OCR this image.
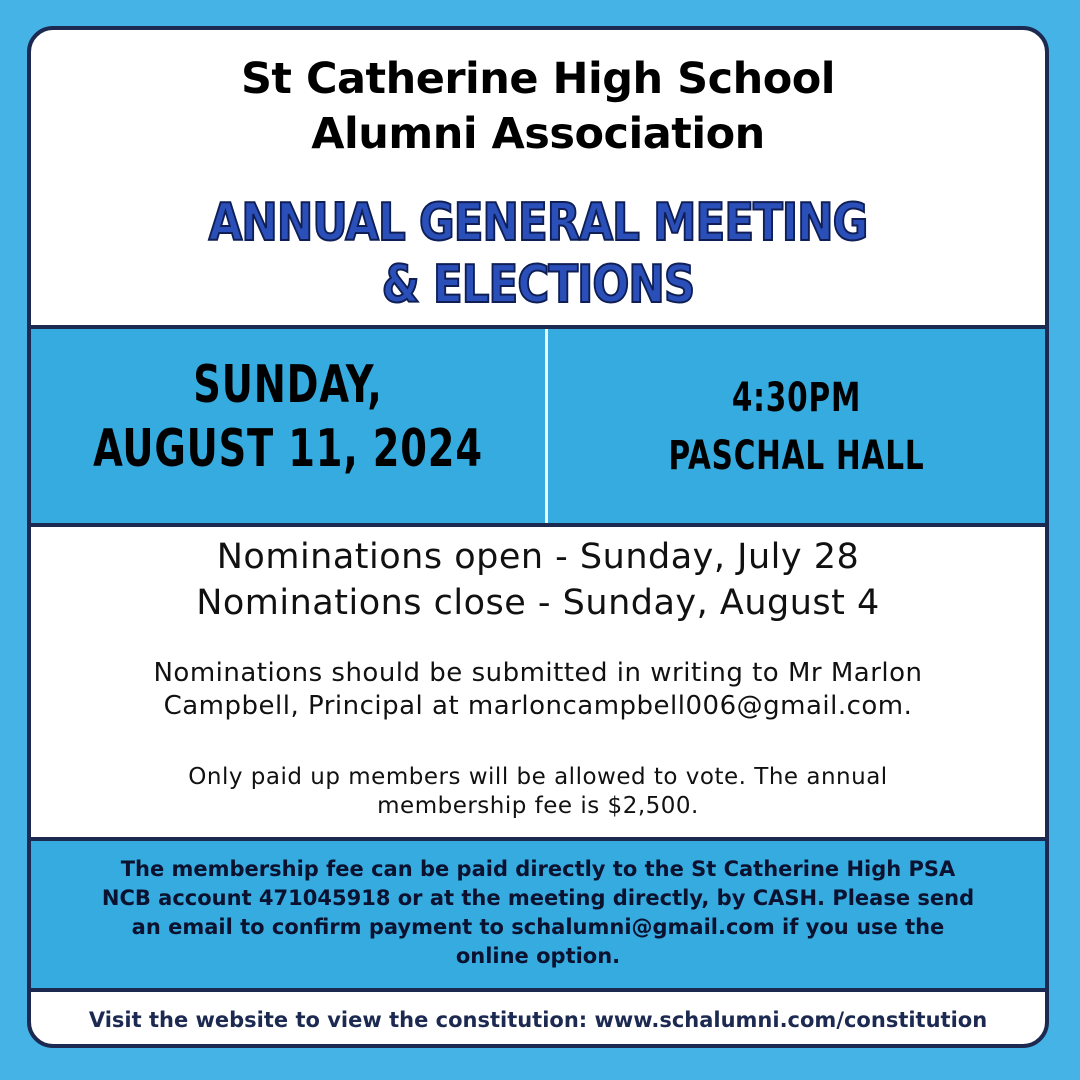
St Catherine High School
Alumni Association
ANNUAL GENERAL MEETING
& ELECTIONS
SUNDAY,
AUGUST 11, 2024
4:30PM
PASCHAL HALL
Nominations open - Sunday, July 28
Nominations close - Sunday, August 4
Nominations should be submitted in writing to Mr Marlon
Campbell, Principal at marloncampbell006@gmail.com.
Only paid up members will be allowed to vote. The annual
membership fee is $2,500.
The membership fee can be paid directly to the St Catherine High PSA
NCB account 471045918 or at the meeting directly, by CASH. Please send
an email to confirm payment to schalumni@gmail.com if you use the
online option.
Visit the website to view the constitution: www.schalumni.com/constitution
